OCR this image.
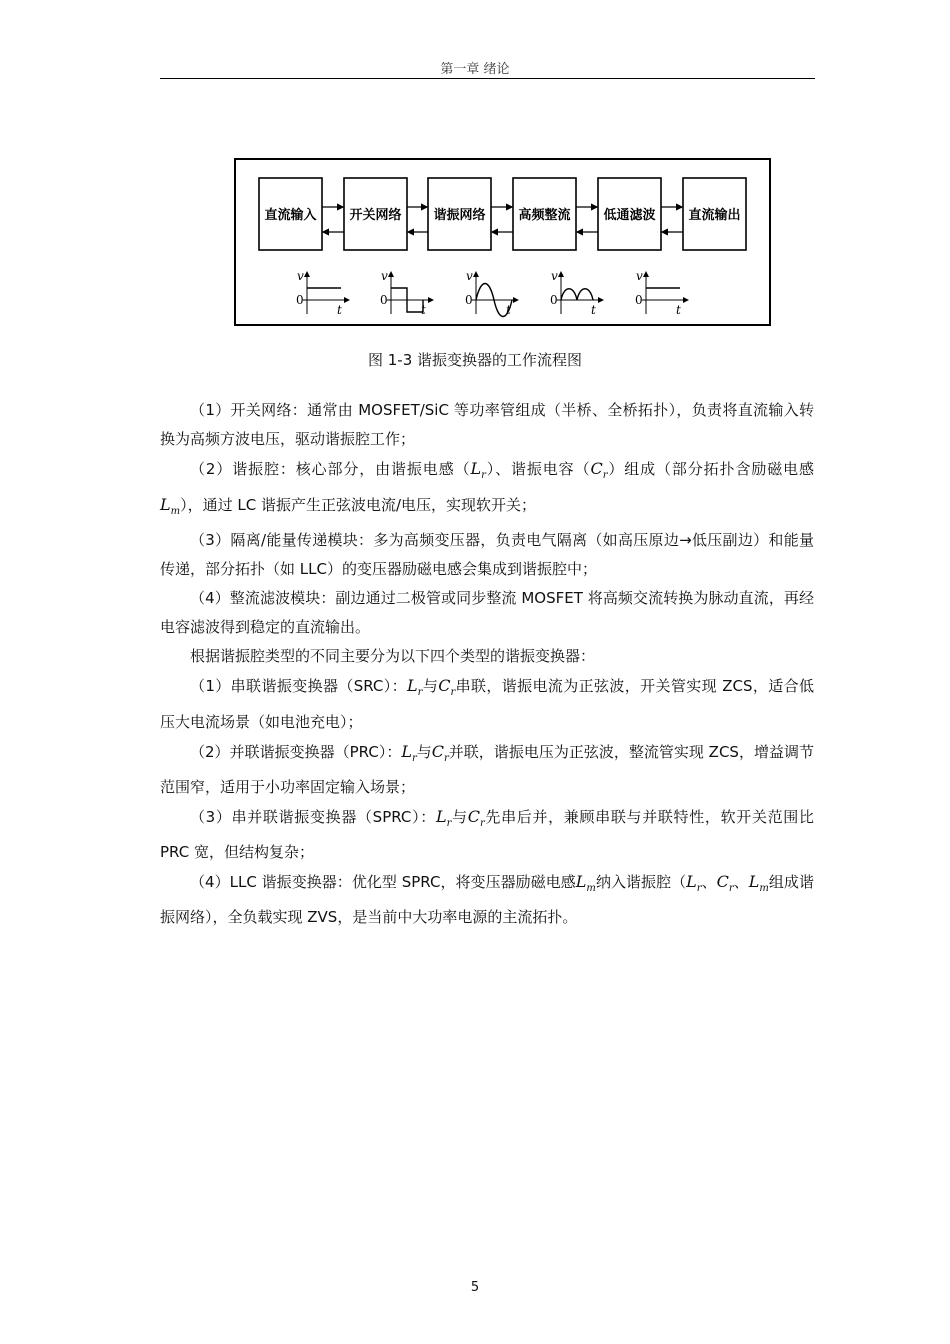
第一章 绪论
直流输入	开关网络 谐振网络	高频整流	低通滤波	直流输出
v
0
t
v
0
t
v
0
t
v
0
t
v
0
t
图 1-3 谐振变换器的工作流程图

（1）开关网络：通常由 MOSFET/SiC 等功率管组成（半桥、全桥拓扑），负责将直流输入转换为高频方波电压，驱动谐振腔工作；

（2）谐振腔：核心部分，由谐振电感$(L_r)$、谐振电容$(C_r)$组成（部分拓扑含励磁电感$L_m$），通过 LC 谐振产生正弦波电流/电压，实现软开关；

（3）隔离/能量传递模块：多为高频变压器，负责电气隔离（如高压原边→低压副边）和能量传递，部分拓扑（如 LLC）的变压器励磁电感会集成到谐振腔中；

（4）整流滤波模块：副边通过二极管或同步整流 MOSFET 将高频交流转换为脉动直流，再经电容滤波得到稳定的直流输出。

根据谐振腔类型的不同主要分为以下四个类型的谐振变换器：

（1）串联谐振变换器（SRC）：$L_r$与$C_r$串联，谐振电流为正弦波，开关管实现 ZCS，适合低压大电流场景（如电池充电）；

（2）并联谐振变换器（PRC）：$L_r$与$C_r$并联，谐振电压为正弦波，整流管实现 ZCS，增益调节范围窄，适用于小功率固定输入场景；

（3）串并联谐振变换器（SPRC）：$L_r$与$C_r$先串后并，兼顾串联与并联特性，软开关范围比 PRC 宽，但结构复杂；

（4）LLC 谐振变换器：优化型 SPRC，将变压器励磁电感$L_m$纳入谐振腔（$L_r$、$C_r$、$L_m$组成谐振网络），全负载实现 ZVS，是当前中大功率电源的主流拓扑。

5
